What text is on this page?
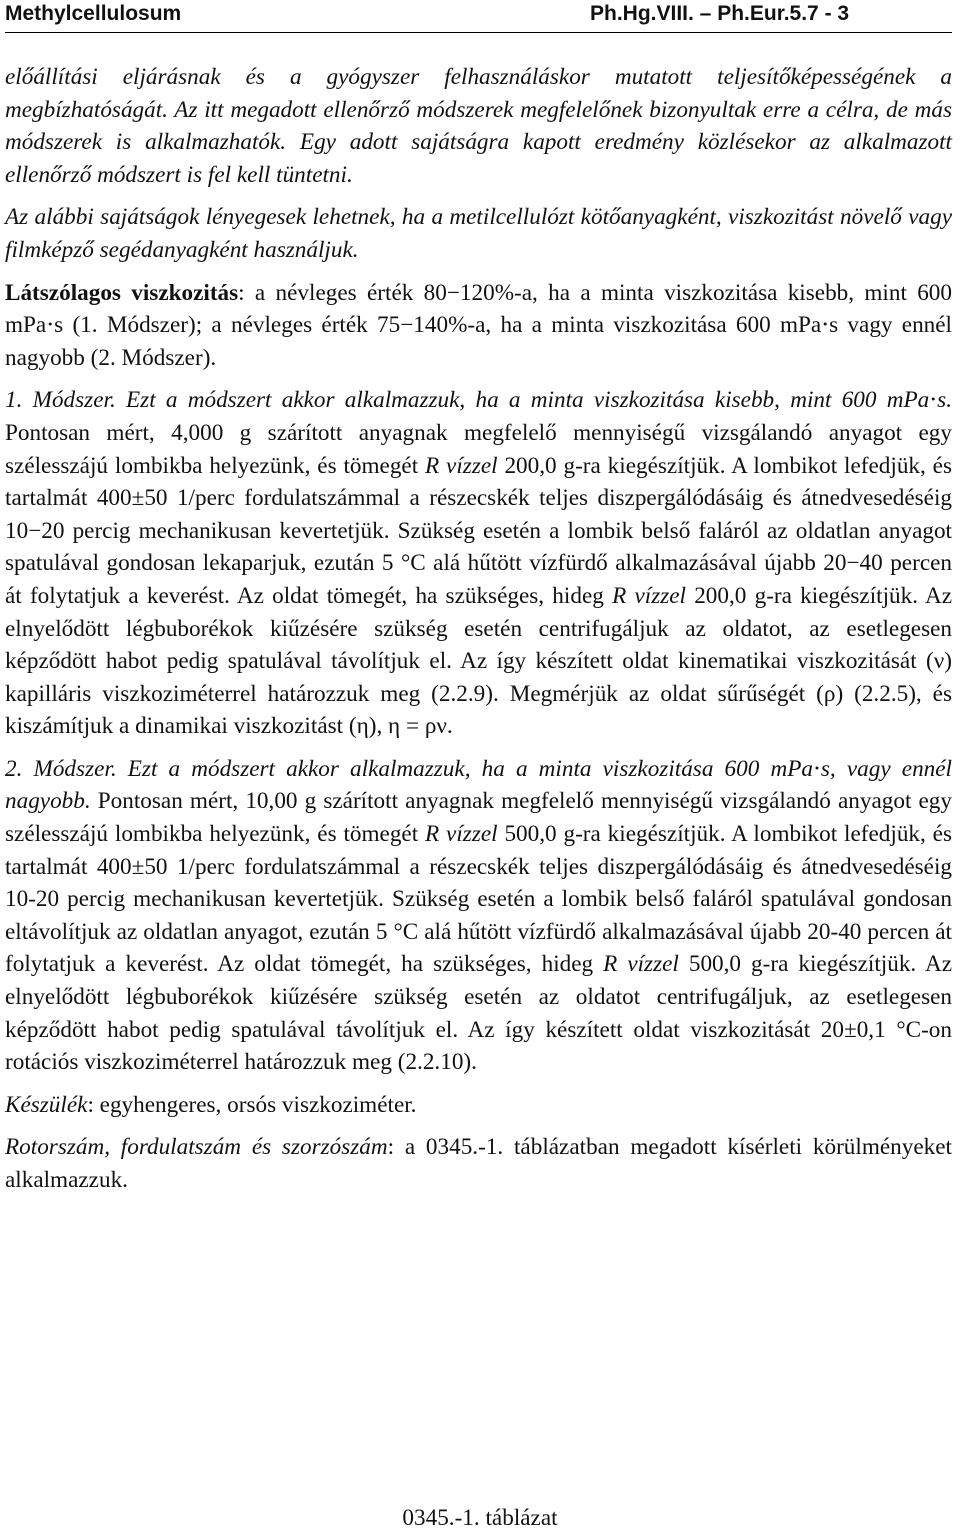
Methylcellulosum	Ph.Hg.VIII. – Ph.Eur.5.7 - 3

előállítási eljárásnak és a gyógyszer felhasználáskor mutatott teljesítőképességének a megbízhatóságát. Az itt megadott ellenőrző módszerek megfelelőnek bizonyultak erre a célra, de más módszerek is alkalmazhatók. Egy adott sajátságra kapott eredmény közlésekor az alkalmazott ellenőrző módszert is fel kell tüntetni.

Az alábbi sajátságok lényegesek lehetnek, ha a metilcellulózt kötőanyagként, viszkozitást növelő vagy filmképző segédanyagként használjuk.

Látszólagos viszkozitás: a névleges érték 80−120%-a, ha a minta viszkozitása kisebb, mint 600 mPa⋅s (1. Módszer); a névleges érték 75−140%-a, ha a minta viszkozitása 600 mPa⋅s vagy ennél nagyobb (2. Módszer).

1. Módszer. Ezt a módszert akkor alkalmazzuk, ha a minta viszkozitása kisebb, mint 600 mPa⋅s. Pontosan mért, 4,000 g szárított anyagnak megfelelő mennyiségű vizsgálandó anyagot egy szélesszájú lombikba helyezünk, és tömegét R vízzel 200,0 g-ra kiegészítjük. A lombikot lefedjük, és tartalmát 400±50 1/perc fordulatszámmal a részecskék teljes diszpergálódásáig és átnedvesedéséig 10−20 percig mechanikusan kevertetjük. Szükség esetén a lombik belső faláról az oldatlan anyagot spatulával gondosan lekaparjuk, ezután 5 °C alá hűtött vízfürdő alkalmazásával újabb 20−40 percen át folytatjuk a keverést. Az oldat tömegét, ha szükséges, hideg R vízzel 200,0 g-ra kiegészítjük. Az elnyelődött légbuborékok kiűzésére szükség esetén centrifugáljuk az oldatot, az esetlegesen képződött habot pedig spatulával távolítjuk el. Az így készített oldat kinematikai viszkozitását (ν) kapilláris viszkoziméterrel határozzuk meg (2.2.9). Megmérjük az oldat sűrűségét (ρ) (2.2.5), és kiszámítjuk a dinamikai viszkozitást (η), η = ρν.

2. Módszer. Ezt a módszert akkor alkalmazzuk, ha a minta viszkozitása 600 mPa⋅s, vagy ennél nagyobb. Pontosan mért, 10,00 g szárított anyagnak megfelelő mennyiségű vizsgálandó anyagot egy szélesszájú lombikba helyezünk, és tömegét R vízzel 500,0 g-ra kiegészítjük. A lombikot lefedjük, és tartalmát 400±50 1/perc fordulatszámmal a részecskék teljes diszpergálódásáig és átnedvesedéséig 10-20 percig mechanikusan kevertetjük. Szükség esetén a lombik belső faláról spatulával gondosan eltávolítjuk az oldatlan anyagot, ezután 5 °C alá hűtött vízfürdő alkalmazásával újabb 20-40 percen át folytatjuk a keverést. Az oldat tömegét, ha szükséges, hideg R vízzel 500,0 g-ra kiegészítjük. Az elnyelődött légbuborékok kiűzésére szükség esetén az oldatot centrifugáljuk, az esetlegesen képződött habot pedig spatulával távolítjuk el. Az így készített oldat viszkozitását 20±0,1 °C-on rotációs viszkoziméterrel határozzuk meg (2.2.10).

Készülék: egyhengeres, orsós viszkoziméter.

Rotorszám, fordulatszám és szorzószám: a 0345.-1. táblázatban megadott kísérleti körülményeket alkalmazzuk.

0345.-1. táblázat
